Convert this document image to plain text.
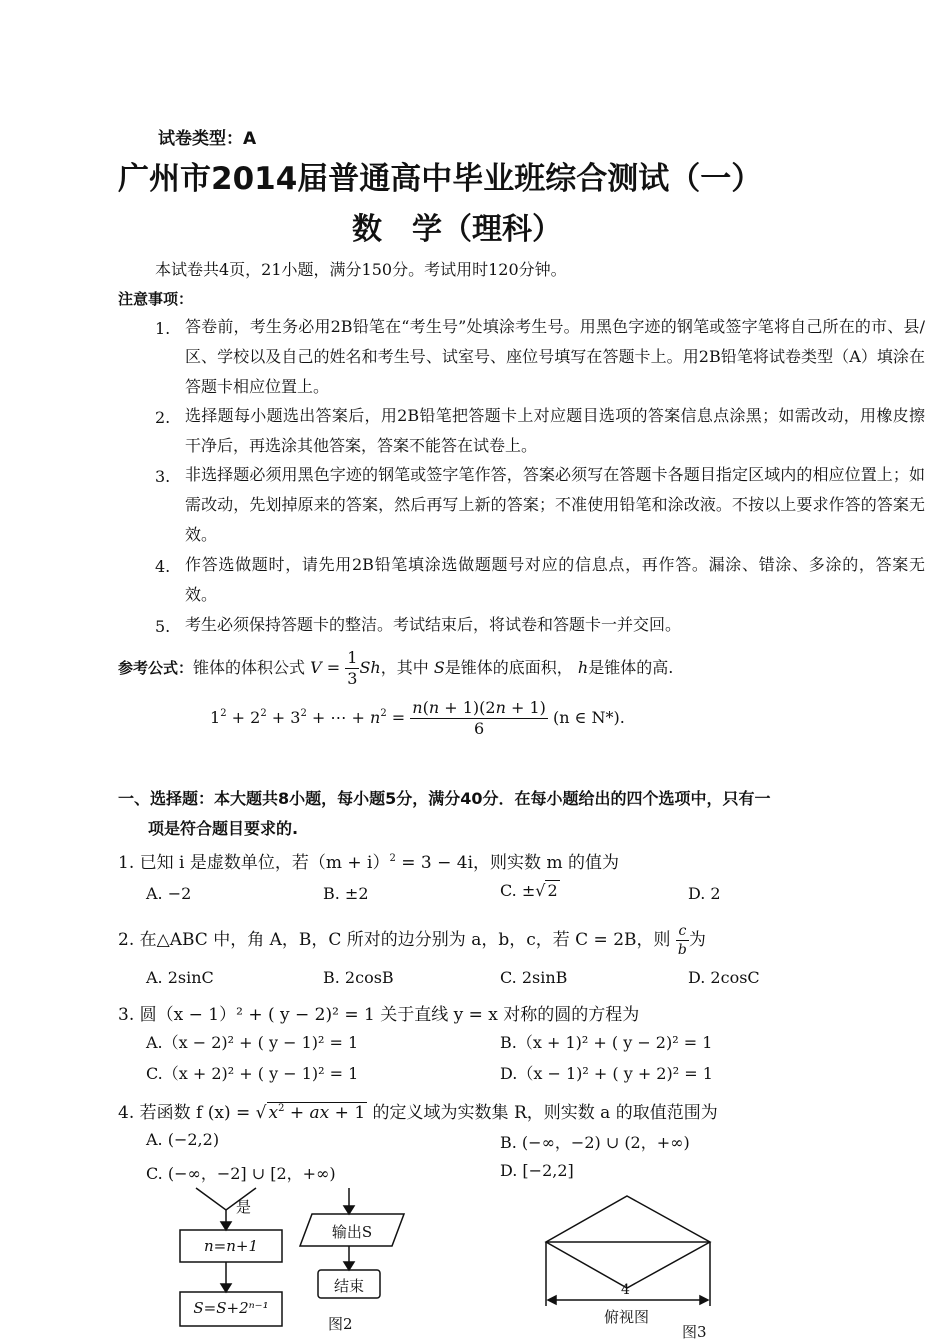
试卷类型：A
广州市2014届普通高中毕业班综合测试（一）
数　学（理科）
本试卷共4页，21小题，满分150分。考试用时120分钟。
注意事项：
1. 答卷前，考生务必用2B铅笔在“考生号”处填涂考生号。用黑色字迹的钢笔或签字笔将自己所在的市、县/区、学校以及自己的姓名和考生号、试室号、座位号填写在答题卡上。用2B铅笔将试卷类型（A）填涂在答题卡相应位置上。
2. 选择题每小题选出答案后，用2B铅笔把答题卡上对应题目选项的答案信息点涂黑；如需改动，用橡皮擦干净后，再选涂其他答案，答案不能答在试卷上。
3. 非选择题必须用黑色字迹的钢笔或签字笔作答，答案必须写在答题卡各题目指定区域内的相应位置上；如需改动，先划掉原来的答案，然后再写上新的答案；不准使用铅笔和涂改液。不按以上要求作答的答案无效。
4. 作答选做题时，请先用2B铅笔填涂选做题题号对应的信息点，再作答。漏涂、错涂、多涂的，答案无效。
5. 考生必须保持答题卡的整洁。考试结束后，将试卷和答题卡一并交回。
参考公式：锥体的体积公式 $V = \frac{1}{3}$ Sh，其中 S是锥体的底面积， h是锥体的高.
$1^2 + 2^2 + 3^2$ + ⋯ + $n^2 = \frac{n(n + 1)(2n + 1)}{6} (n$ ∈ N*).
一、选择题：本大题共8小题，每小题5分，满分40分．在每小题给出的四个选项中，只有一
项是符合题目要求的.
1. 已知 i 是虚数单位，若$(m + i)^2 = 3 - 4i$，则实数 m 的值为
A. −2	B. ±2	C. ±√ 2	D. 2
2. 在△ABC 中，角 A，B，C 所对的边分别为 a，b，c，若 C = 2B，则 $\frac{c}{b}$ 为
A. 2sinC	B. 2cosB	C. 2sinB	D. 2cosC
3. 圆（x − 1）² + ( y − 2)² = 1 关于直线 y = x 对称的圆的方程为
A.（x − 2)² + ( y − 1)² = 1	B.（x + 1)² + ( y − 2)² = 1
C.（x + 2)² + ( y − 1)² = 1	D.（x − 1)² + ( y + 2)² = 1
4. 若函数 f (x) = √ $x^2$ + ax + 1 的定义域为实数集 R，则实数 a 的取值范围为
A. (−2,2)	B. (−∞，−2) ∪ (2，+∞)
C. (−∞，−2] ∪ [2，+∞)	D. [−2,2]
是
n=n+1
S=S+2ⁿ⁻¹
输出S
结束
图2
4
俯视图
图3
